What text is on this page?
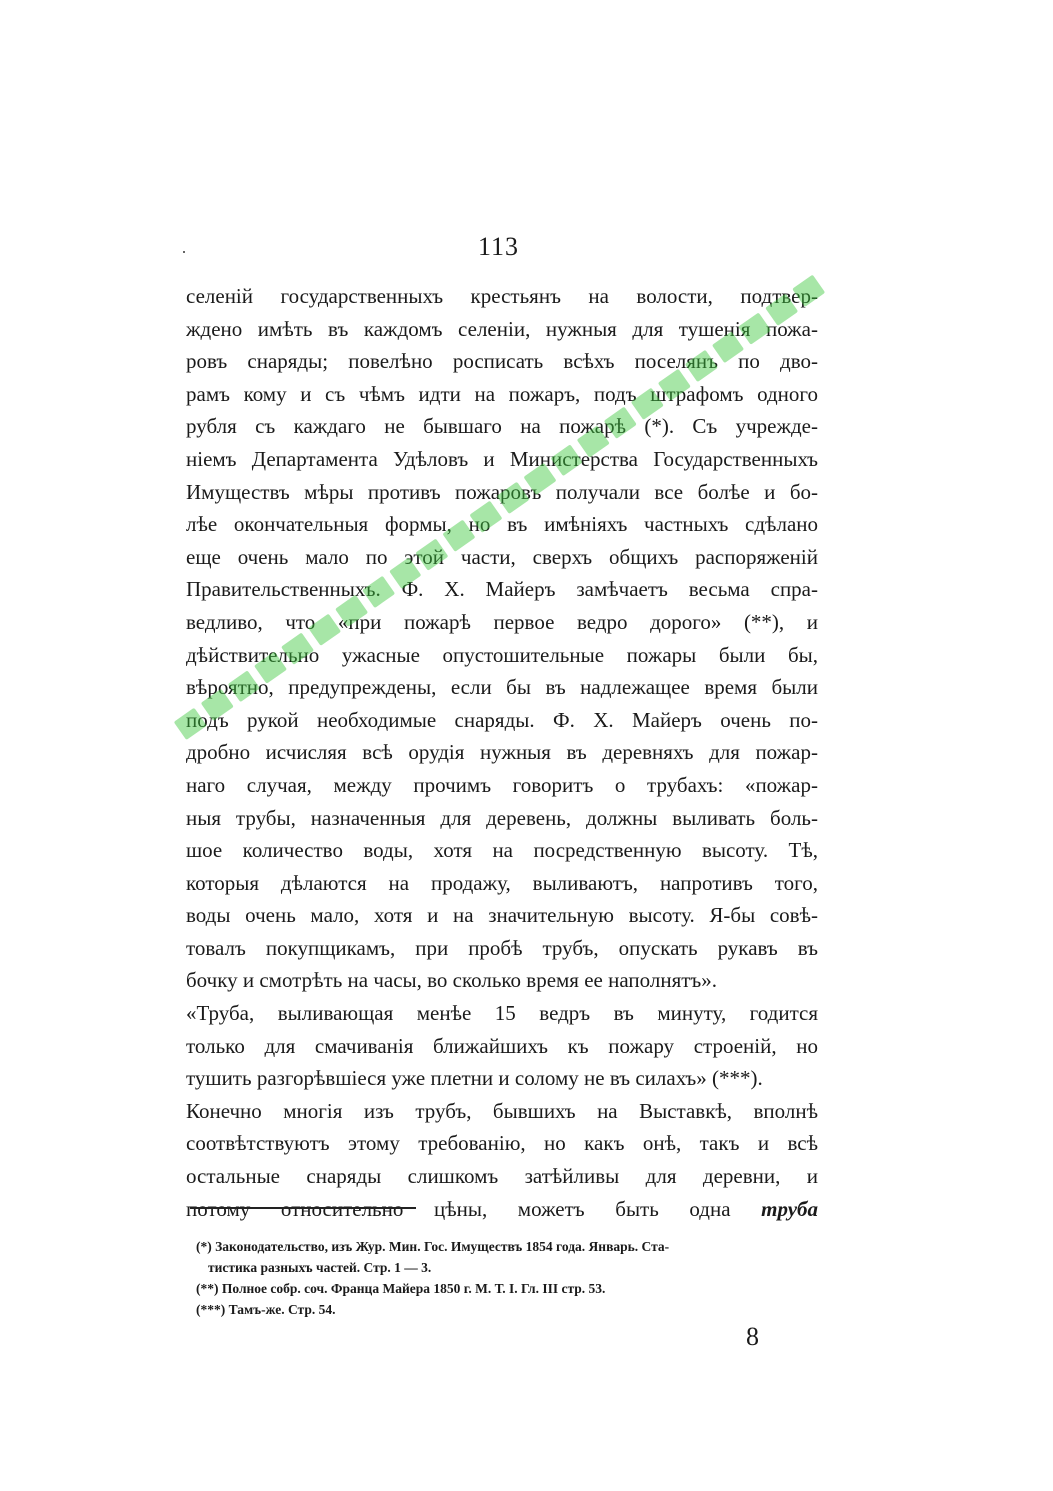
113
селенiй государственныхъ крестьянъ на волости, подтвер-
ждено имѣть въ каждомъ селенiи, нужныя для тушенiя пожа-
ровъ снаряды; повелѣно росписать всѣхъ поселянъ по дво-
рамъ кому и съ чѣмъ идти на пожаръ, подъ штрафомъ одного
рубля съ каждаго не бывшаго на пожарѣ (*). Съ учрежде-
нiемъ Департамента Удѣловъ и Министерства Государственныхъ
Имуществъ мѣры противъ пожаровъ получали все болѣе и бо-
лѣе окончательныя формы, но въ имѣнiяхъ частныхъ сдѣлано
еще очень мало по этой части, сверхъ общихъ распоряженiй
Правительственныхъ. Ф. Х. Майеръ замѣчаетъ весьма спра-
ведливо, что «при пожарѣ первое ведро дорого» (**), и
дѣйствительно ужасные опустошительные пожары были бы,
вѣроятно, предупреждены, если бы въ надлежащее время были
подъ рукой необходимые снаряды. Ф. Х. Майеръ очень по-
дробно исчисляя всѣ орудiя нужныя въ деревняхъ для пожар-
наго случая, между прочимъ говоритъ о трубахъ: «пожар-
ныя трубы, назначенныя для деревень, должны выливать боль-
шое количество воды, хотя на посредственную высоту. Тѣ,
которыя дѣлаются на продажу, выливаютъ, напротивъ того,
воды очень мало, хотя и на значительную высоту. Я-бы совѣ-
товалъ покупщикамъ, при пробѣ трубъ, опускать рукавъ въ
бочку и смотрѣть на часы, во сколько время ее наполнятъ».
«Труба, выливающая менѣе 15 ведръ въ минуту, годится
только для смачиванiя ближайшихъ къ пожару строенiй, но
тушить разгорѣвшiеся уже плетни и солому не въ силахъ» (***).
Конечно многiя изъ трубъ, бывшихъ на Выставкѣ, вполнѣ
соотвѣтствуютъ этому требованiю, но какъ онѣ, такъ и всѣ
остальные снаряды слишкомъ затѣйливы для деревни, и
потому относительно цѣны, можетъ быть одна труба
(*) Законодательство, изъ Жур. Мин. Гос. Имуществъ 1854 года. Январь. Ста-
тистика разныхъ частей. Стр. 1 — 3.
(**) Полное собр. соч. Франца Майера 1850 г. М. Т. I. Гл. III стр. 53.
(***) Тамъ-же. Стр. 54.
8
